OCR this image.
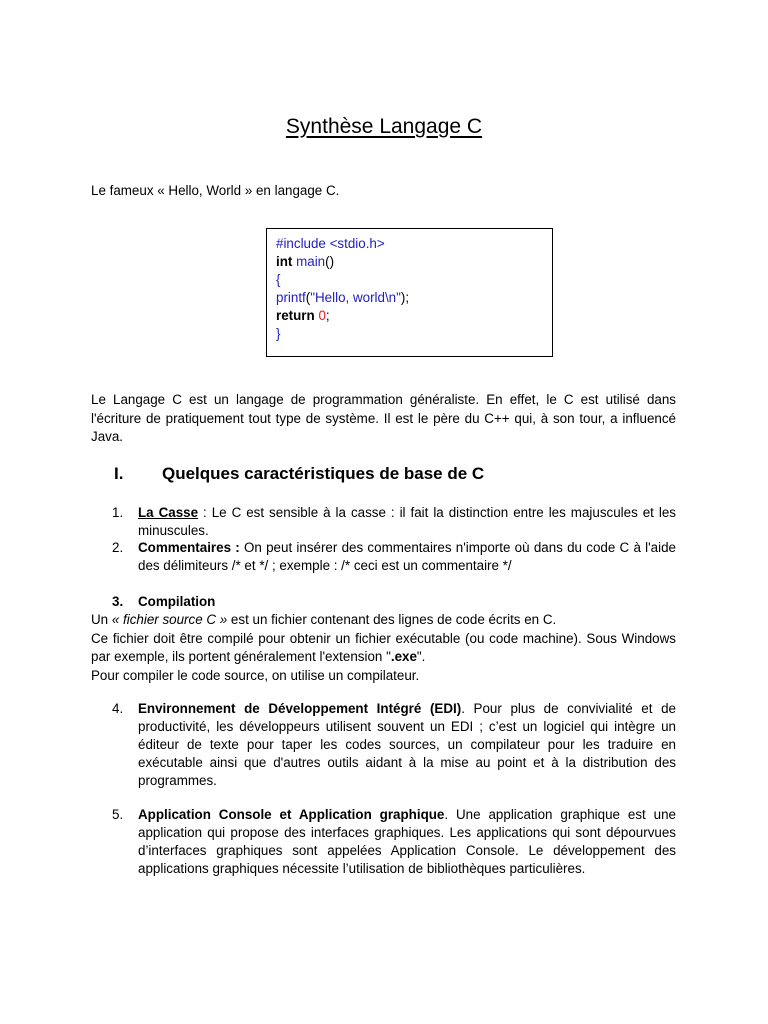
Synthèse Langage C
Le fameux « Hello, World » en langage C.
#include <stdio.h>
int main()
{
printf("Hello, world\n");
return 0;
}
Le Langage C est un langage de programmation généraliste. En effet, le C est utilisé dans l'écriture de pratiquement tout type de système. Il est le père du C++ qui, à son tour, a influencé Java.
I. Quelques caractéristiques de base de C
1. La Casse : Le C est sensible à la casse : il fait la distinction entre les majuscules et les minuscules.
2. Commentaires : On peut insérer des commentaires n'importe où dans du code C à l'aide des délimiteurs /* et */ ; exemple : /* ceci est un commentaire */
3. Compilation
Un « fichier source C » est un fichier contenant des lignes de code écrits en C.
Ce fichier doit être compilé pour obtenir un fichier exécutable (ou code machine). Sous Windows par exemple, ils portent généralement l'extension ".exe".
Pour compiler le code source, on utilise un compilateur.
4. Environnement de Développement Intégré (EDI). Pour plus de convivialité et de productivité, les développeurs utilisent souvent un EDI ; c’est un logiciel qui intègre un éditeur de texte pour taper les codes sources, un compilateur pour les traduire en exécutable ainsi que d'autres outils aidant à la mise au point et à la distribution des programmes.
5. Application Console et Application graphique. Une application graphique est une application qui propose des interfaces graphiques. Les applications qui sont dépourvues d’interfaces graphiques sont appelées Application Console. Le développement des applications graphiques nécessite l’utilisation de bibliothèques particulières.
